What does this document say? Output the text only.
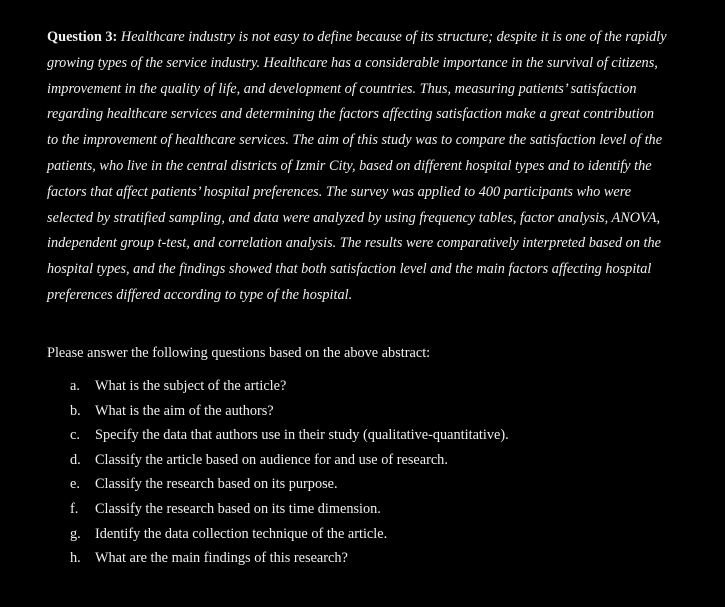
Question 3: Healthcare industry is not easy to define because of its structure; despite it is one of the rapidly growing types of the service industry. Healthcare has a considerable importance in the survival of citizens, improvement in the quality of life, and development of countries. Thus, measuring patients’ satisfaction regarding healthcare services and determining the factors affecting satisfaction make a great contribution to the improvement of healthcare services. The aim of this study was to compare the satisfaction level of the patients, who live in the central districts of Izmir City, based on different hospital types and to identify the factors that affect patients’ hospital preferences. The survey was applied to 400 participants who were selected by stratified sampling, and data were analyzed by using frequency tables, factor analysis, ANOVA, independent group t-test, and correlation analysis. The results were comparatively interpreted based on the hospital types, and the findings showed that both satisfaction level and the main factors affecting hospital preferences differed according to type of the hospital.

Please answer the following questions based on the above abstract:

a.	What is the subject of the article?
b. What is the aim of the authors?
c.	Specify the data that authors use in their study (qualitative-quantitative).
d. Classify the article based on audience for and use of research.
e.	Classify the research based on its purpose.
f.	Classify the research based on its time dimension.
g. Identify the data collection technique of the article.
h. What are the main findings of this research?
